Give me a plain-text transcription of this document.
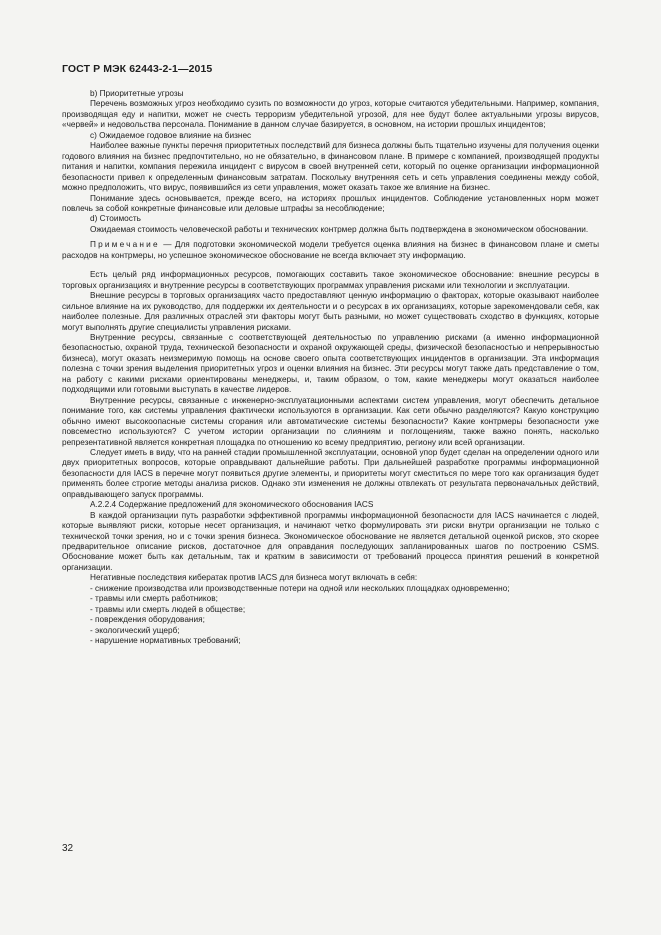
ГОСТ Р МЭК 62443-2-1—2015

b) Приоритетные угрозы

Перечень возможных угроз необходимо сузить по возможности до угроз, которые считаются убедительными. Например, компания, производящая еду и напитки, может не счесть терроризм убедительной угрозой, для нее будут более актуальными угрозы вирусов, «червей» и недовольства персонала. Понимание в данном случае базируется, в основном, на истории прошлых инцидентов;

c) Ожидаемое годовое влияние на бизнес

Наиболее важные пункты перечня приоритетных последствий для бизнеса должны быть тщательно изучены для получения оценки годового влияния на бизнес предпочтительно, но не обязательно, в финансовом плане. В примере с компанией, производящей продукты питания и напитки, компания пережила инцидент с вирусом в своей внутренней сети, который по оценке организации информационной безопасности привел к определенным финансовым затратам. Поскольку внутренняя сеть и сеть управления соединены между собой, можно предположить, что вирус, появившийся из сети управления, может оказать такое же влияние на бизнес.

Понимание здесь основывается, прежде всего, на историях прошлых инцидентов. Соблюдение установленных норм может повлечь за собой конкретные финансовые или деловые штрафы за несоблюдение;

d) Стоимость

Ожидаемая стоимость человеческой работы и технических контрмер должна быть подтверждена в экономическом обосновании.

Примечание — Для подготовки экономической модели требуется оценка влияния на бизнес в финансовом плане и сметы расходов на контрмеры, но успешное экономическое обоснование не всегда включает эту информацию.

Есть целый ряд информационных ресурсов, помогающих составить такое экономическое обоснование: внешние ресурсы в торговых организациях и внутренние ресурсы в соответствующих программах управления рисками или технологии и эксплуатации.

Внешние ресурсы в торговых организациях часто предоставляют ценную информацию о факторах, которые оказывают наиболее сильное влияние на их руководство, для поддержки их деятельности и о ресурсах в их организациях, которые зарекомендовали себя, как наиболее полезные. Для различных отраслей эти факторы могут быть разными, но может существовать сходство в функциях, которые могут выполнять другие специалисты управления рисками.

Внутренние ресурсы, связанные с соответствующей деятельностью по управлению рисками (а именно информационной безопасностью, охраной труда, технической безопасности и охраной окружающей среды, физической безопасностью и непрерывностью бизнеса), могут оказать неизмеримую помощь на основе своего опыта соответствующих инцидентов в организации. Эта информация полезна с точки зрения выделения приоритетных угроз и оценки влияния на бизнес. Эти ресурсы могут также дать представление о том, на работу с какими рисками ориентированы менеджеры, и, таким образом, о том, какие менеджеры могут оказаться наиболее подходящими или готовыми выступать в качестве лидеров.

Внутренние ресурсы, связанные с инженерно-эксплуатационными аспектами систем управления, могут обеспечить детальное понимание того, как системы управления фактически используются в организации. Как сети обычно разделяются? Какую конструкцию обычно имеют высокоопасные системы сгорания или автоматические системы безопасности? Какие контрмеры безопасности уже повсеместно используются? С учетом истории организации по слияниям и поглощениям, также важно понять, насколько репрезентативной является конкретная площадка по отношению ко всему предприятию, региону или всей организации.

Следует иметь в виду, что на ранней стадии промышленной эксплуатации, основной упор будет сделан на определении одного или двух приоритетных вопросов, которые оправдывают дальнейшие работы. При дальнейшей разработке программы информационной безопасности для IACS в перечне могут появиться другие элементы, и приоритеты могут сместиться по мере того как организация будет применять более строгие методы анализа рисков. Однако эти изменения не должны отвлекать от результата первоначальных действий, оправдывающего запуск программы.

A.2.2.4 Содержание предложений для экономического обоснования IACS

В каждой организации путь разработки эффективной программы информационной безопасности для IACS начинается с людей, которые выявляют риски, которые несет организация, и начинают четко формулировать эти риски внутри организации не только с технической точки зрения, но и с точки зрения бизнеса. Экономическое обоснование не является детальной оценкой рисков, это скорее предварительное описание рисков, достаточное для оправдания последующих запланированных шагов по построению CSMS. Обоснование может быть как детальным, так и кратким в зависимости от требований процесса принятия решений в конкретной организации.

Негативные последствия кибератак против IACS для бизнеса могут включать в себя:

- снижение производства или производственные потери на одной или нескольких площадках одновременно;
- травмы или смерть работников;
- травмы или смерть людей в обществе;
- повреждения оборудования;
- экологический ущерб;
- нарушение нормативных требований;
32
